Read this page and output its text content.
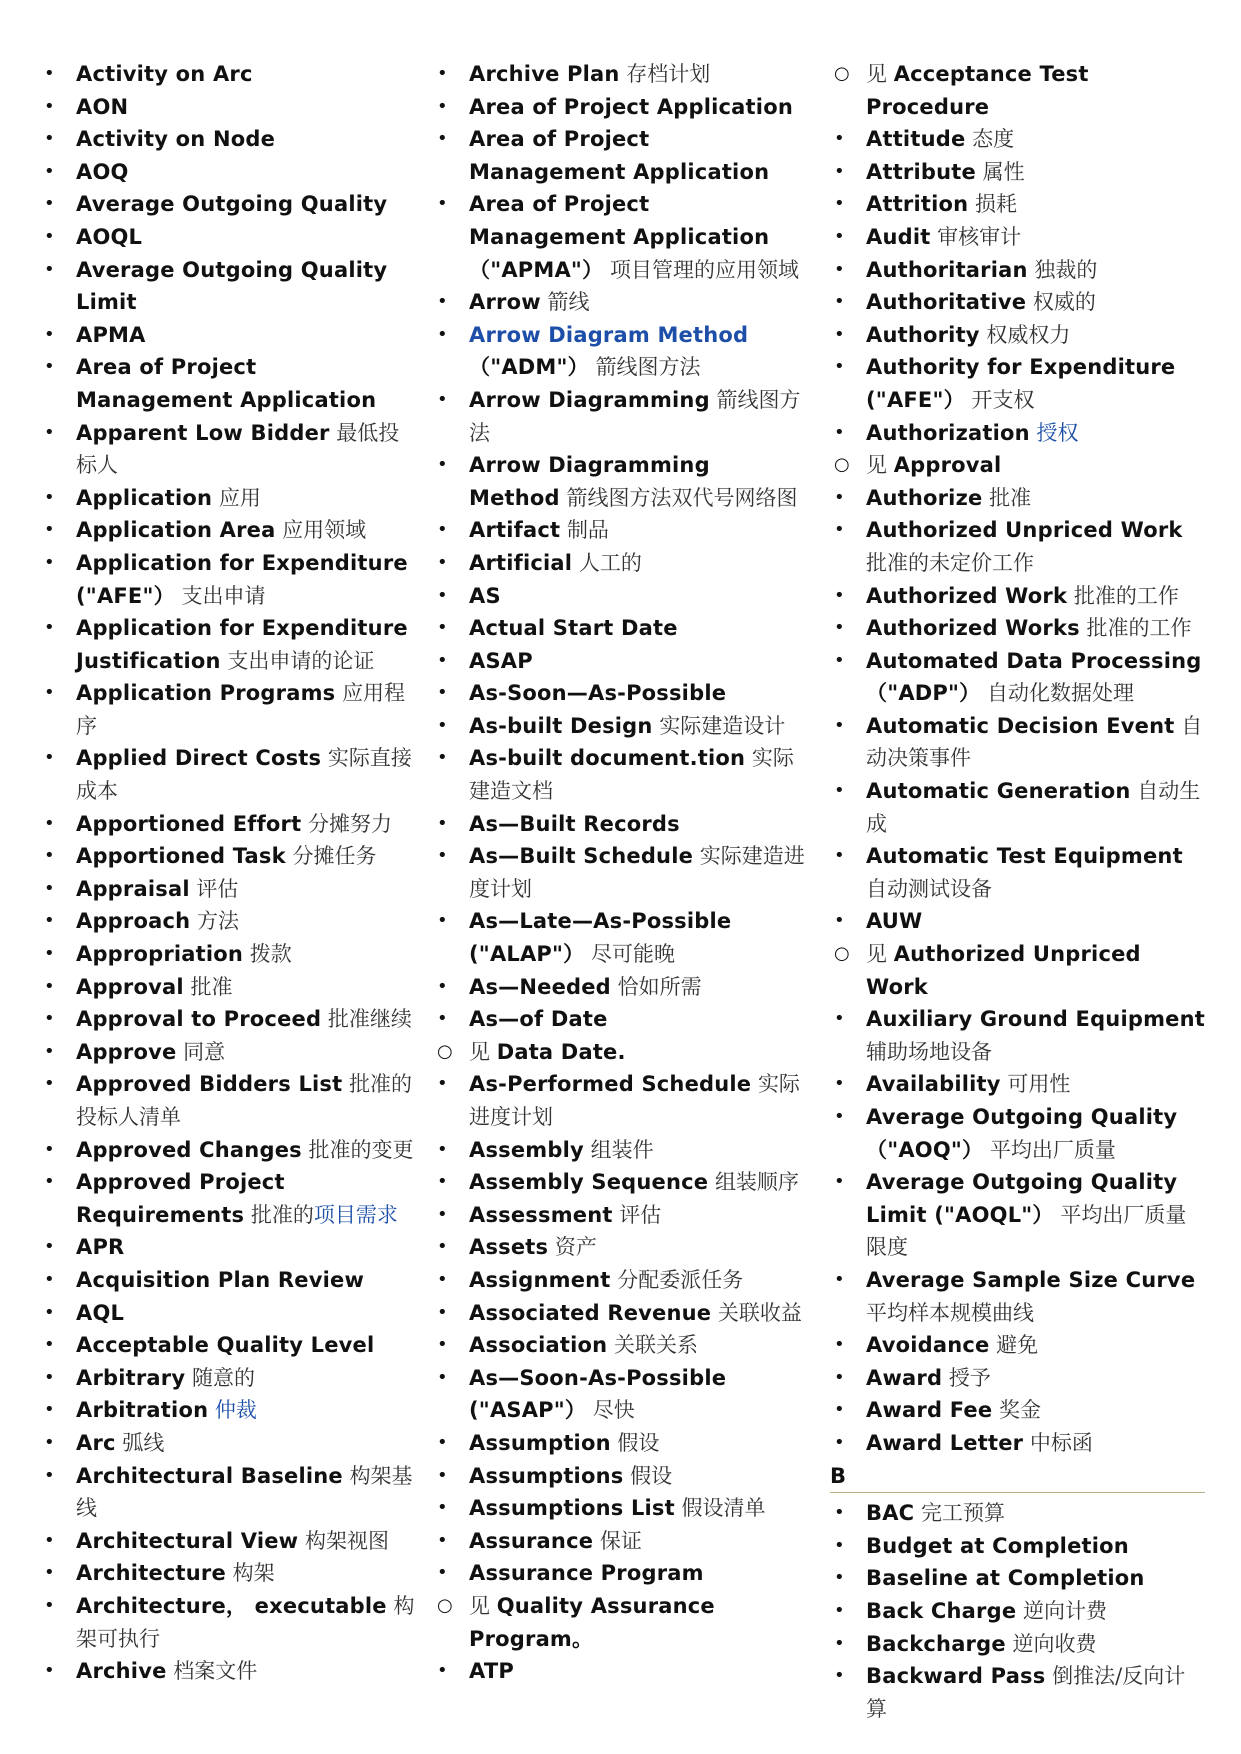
•	Activity on Arc
•	AON
•	Activity on Node
•	AOQ
•	Average Outgoing Quality
•	AOQL
•	Average Outgoing Quality Limit
•	APMA
•	Area of Project Management Application
•	Apparent Low Bidder 最低投标人
•	Application 应用
•	Application Area 应用领域
•	Application for Expenditure ("AFE"） 支出申请
•	Application for Expenditure Justification 支出申请的论证
•	Application Programs 应用程序
•	Applied Direct Costs 实际直接成本
•	Apportioned Effort 分摊努力
•	Apportioned Task 分摊任务
•	Appraisal 评估
•	Approach 方法
•	Appropriation 拨款
•	Approval 批准
•	Approval to Proceed 批准继续
•	Approve 同意
•	Approved Bidders List 批准的投标人清单
•	Approved Changes 批准的变更
•	Approved Project Requirements 批准的项目需求
•	APR
•	Acquisition Plan Review
•	AQL
•	Acceptable Quality Level
•	Arbitrary 随意的
•	Arbitration 仲裁
•	Arc 弧线
•	Architectural Baseline 构架基线
•	Architectural View 构架视图
•	Architecture 构架
•	Architecture， executable 构架可执行
•	Archive 档案文件
•	Archive Plan 存档计划
•	Area of Project Application
•	Area of Project Management Application
•	Area of Project Management Application （"APMA"） 项目管理的应用领域
•	Arrow 箭线
•	Arrow Diagram Method （"ADM"） 箭线图方法
•	Arrow Diagramming 箭线图方法
•	Arrow Diagramming Method 箭线图方法双代号网络图
•	Artifact 制品
•	Artificial 人工的
•	AS
•	Actual Start Date
•	ASAP
•	As-Soon—As-Possible
•	As-built Design 实际建造设计
•	As-built document.tion 实际建造文档
•	As—Built Records
•	As—Built Schedule 实际建造进度计划
•	As—Late—As-Possible ("ALAP"） 尽可能晚
•	As—Needed 恰如所需
•	As—of Date
○ 见 Data Date.
•	As-Performed Schedule 实际进度计划
•	Assembly 组装件
•	Assembly Sequence 组装顺序
•	Assessment 评估
•	Assets 资产
•	Assignment 分配委派任务
•	Associated Revenue 关联收益
•	Association 关联关系
•	As—Soon-As-Possible ("ASAP"） 尽快
•	Assumption 假设
•	Assumptions 假设
•	Assumptions List 假设清单
•	Assurance 保证
•	Assurance Program
○ 见 Quality Assurance Program。
•	ATP
○ 见 Acceptance Test Procedure
•	Attitude 态度
•	Attribute 属性
•	Attrition 损耗
•	Audit 审核审计
•	Authoritarian 独裁的
•	Authoritative 权威的
•	Authority 权威权力
•	Authority for Expenditure ("AFE"） 开支权
•	Authorization 授权
○ 见 Approval
•	Authorize 批准
•	Authorized Unpriced Work 批准的未定价工作
•	Authorized Work 批准的工作
•	Authorized Works 批准的工作
•	Automated Data Processing （"ADP"） 自动化数据处理
•	Automatic Decision Event 自动决策事件
•	Automatic Generation 自动生成
•	Automatic Test Equipment 自动测试设备
•	AUW
○ 见 Authorized Unpriced Work
•	Auxiliary Ground Equipment 辅助场地设备
•	Availability 可用性
•	Average Outgoing Quality （"AOQ"） 平均出厂质量
•	Average Outgoing Quality Limit ("AOQL"） 平均出厂质量限度
•	Average Sample Size Curve 平均样本规模曲线
•	Avoidance 避免
•	Award 授予
•	Award Fee 奖金
•	Award Letter 中标函
B
•	BAC 完工预算
•	Budget at Completion
•	Baseline at Completion
•	Back Charge 逆向计费
•	Backcharge 逆向收费
•	Backward Pass 倒推法/反向计算
